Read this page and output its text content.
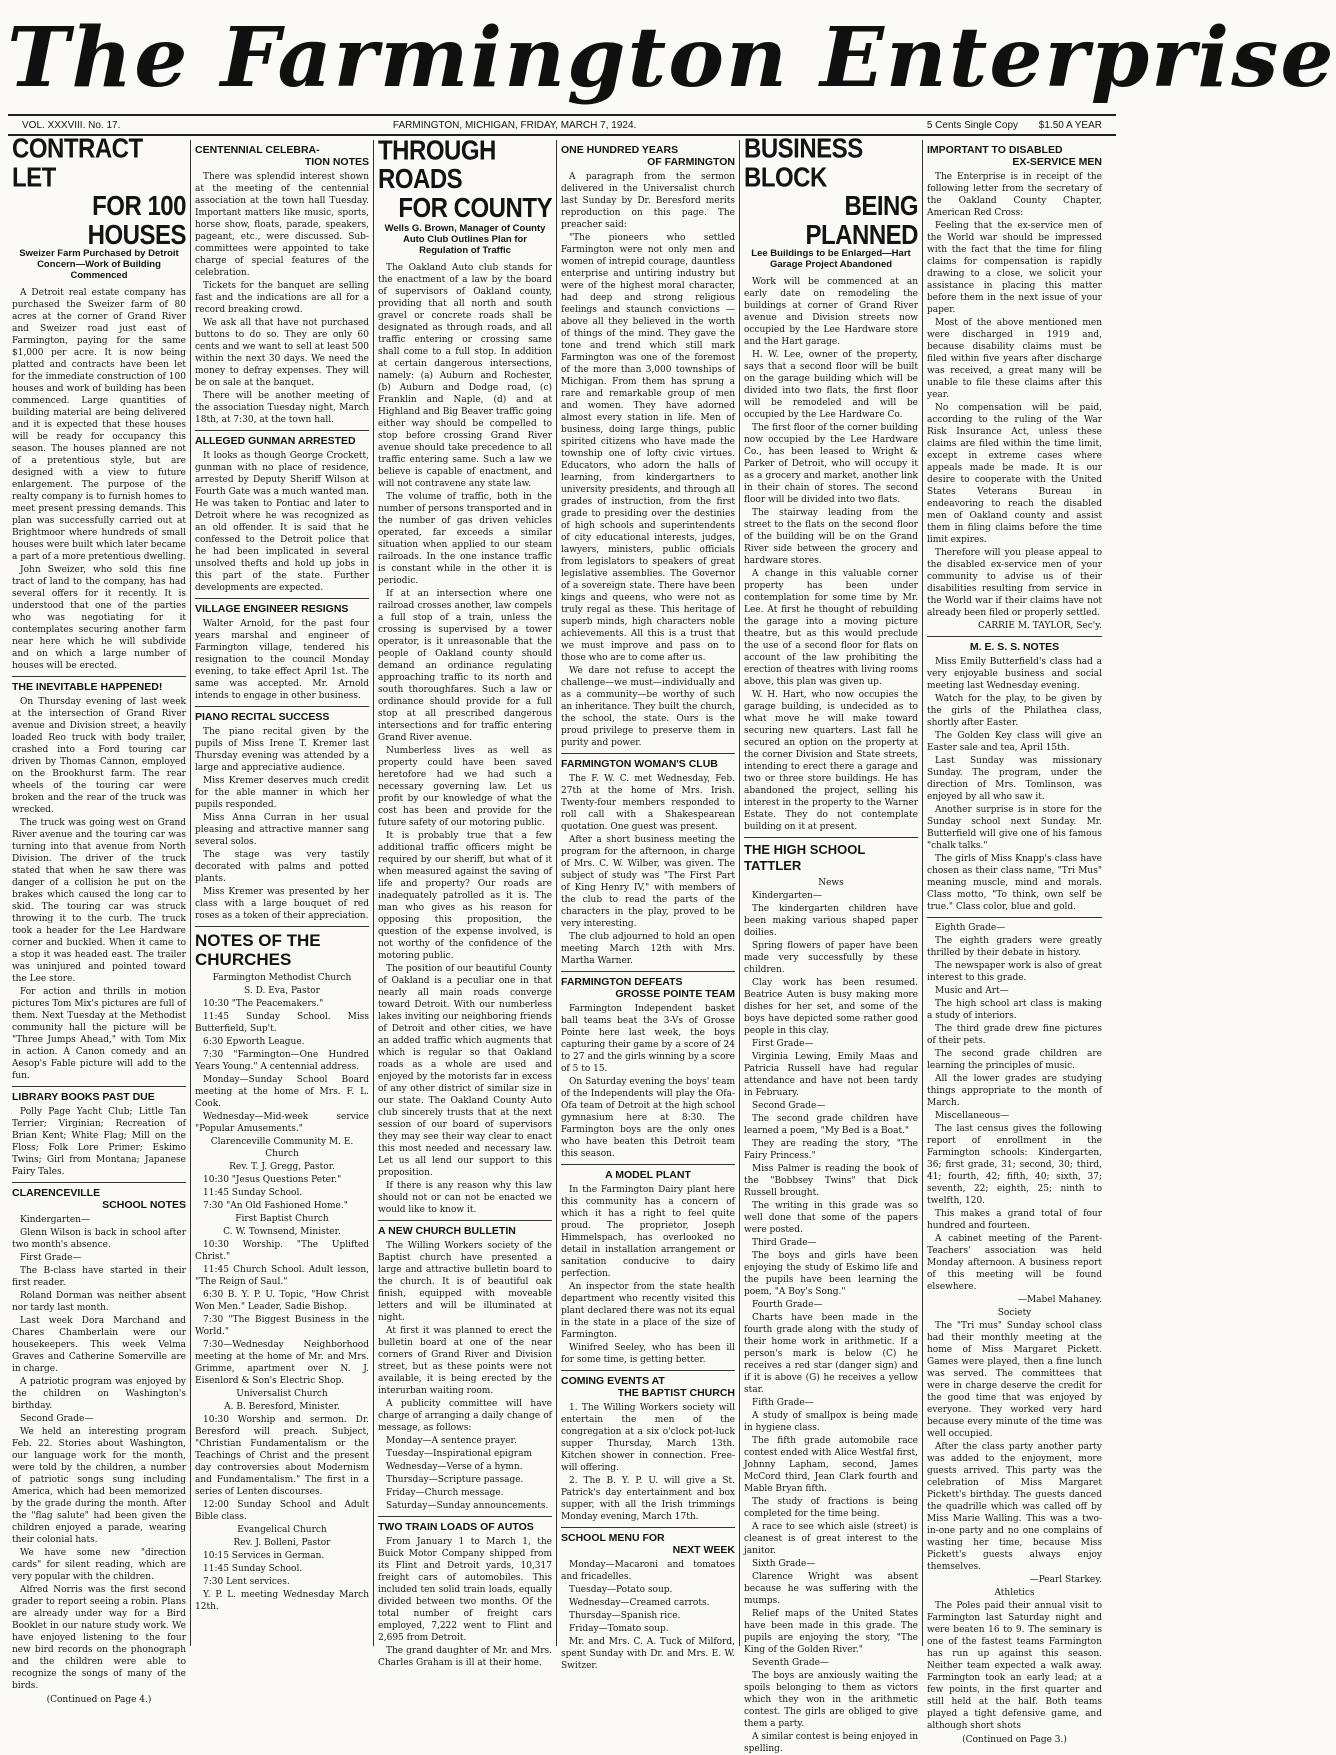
The Farmington Enterprise
VOL. XXXVIII. No. 17.	FARMINGTON, MICHIGAN, FRIDAY, MARCH 7, 1924.	5 Cents Single Copy $1.50 A YEAR
CONTRACT LET
FOR 100 HOUSES
Sweizer Farm Purchased by Detroit Concern—Work of Building Commenced

A Detroit real estate company has purchased the Sweizer farm of 80 acres at the corner of Grand River and Sweizer road just east of Farmington, paying for the same $1,000 per acre. It is now being platted and contracts have been let for the immediate construction of 100 houses and work of building has been commenced. Large quantities of building material are being delivered and it is expected that these houses will be ready for occupancy this season. The houses planned are not of a pretentious style, but are designed with a view to future enlargement. The purpose of the realty company is to furnish homes to meet present pressing demands. This plan was successfully carried out at Brightmoor where hundreds of small houses were built which later became a part of a more pretentious dwelling.

John Sweizer, who sold this fine tract of land to the company, has had several offers for it recently. It is understood that one of the parties who was negotiating for it contemplates securing another farm near here which he will subdivide and on which a large number of houses will be erected.

THE INEVITABLE HAPPENED!

On Thursday evening of last week at the intersection of Grand River avenue and Division street, a heavily loaded Reo truck with body trailer, crashed into a Ford touring car driven by Thomas Cannon, employed on the Brookhurst farm. The rear wheels of the touring car were broken and the rear of the truck was wrecked.

The truck was going west on Grand River avenue and the touring car was turning into that avenue from North Division. The driver of the truck stated that when he saw there was danger of a collision he put on the brakes which caused the long car to skid. The touring car was struck throwing it to the curb. The truck took a header for the Lee Hardware corner and buckled. When it came to a stop it was headed east. The trailer was uninjured and pointed toward the Lee store.

For action and thrills in motion pictures Tom Mix's pictures are full of them. Next Tuesday at the Methodist community hall the picture will be "Three Jumps Ahead," with Tom Mix in action. A Canon comedy and an Aesop's Fable picture will add to the fun.

LIBRARY BOOKS PAST DUE

Polly Page Yacht Club; Little Tan Terrier; Virginian; Recreation of Brian Kent; White Flag; Mill on the Floss; Folk Lore Primer; Eskimo Twins; Girl from Montana; Japanese Fairy Tales.

CLARENCEVILLE
SCHOOL NOTES

Kindergarten—

Glenn Wilson is back in school after two month's absence.

First Grade—

The B-class have started in their first reader.

Roland Dorman was neither absent nor tardy last month.

Last week Dora Marchand and Chares Chamberlain were our housekeepers. This week Velma Graves and Catherine Somerville are in charge.

A patriotic program was enjoyed by the children on Washington's birthday.

Second Grade—

We held an interesting program Feb. 22. Stories about Washington, our language work for the month, were told by the children, a number of patriotic songs sung including America, which had been memorized by the grade during the month. After the "flag salute" had been given the children enjoyed a parade, wearing their colonial hats.

We have some new "direction cards" for silent reading, which are very popular with the children.

Alfred Norris was the first second grader to report seeing a robin. Plans are already under way for a Bird Booklet in our nature study work. We have enjoyed listening to the four new bird records on the phonograph and the children were able to recognize the songs of many of the birds.

(Continued on Page 4.)
CENTENNIAL CELEBRA-
TION NOTES

There was splendid interest shown at the meeting of the centennial association at the town hall Tuesday. Important matters like music, sports, horse show, floats, parade, speakers, pageant, etc., were discussed. Sub-committees were appointed to take charge of special features of the celebration.

Tickets for the banquet are selling fast and the indications are all for a record breaking crowd.

We ask all that have not purchased buttons to do so. They are only 60 cents and we want to sell at least 500 within the next 30 days. We need the money to defray expenses. They will be on sale at the banquet.

There will be another meeting of the association Tuesday night, March 18th, at 7:30, at the town hall.

ALLEGED GUNMAN ARRESTED

It looks as though George Crockett, gunman with no place of residence, arrested by Deputy Sheriff Wilson at Fourth Gate was a much wanted man. He was taken to Pontiac and later to Detroit where he was recognized as an old offender. It is said that he confessed to the Detroit police that he had been implicated in several unsolved thefts and hold up jobs in this part of the state. Further developments are expected.

VILLAGE ENGINEER RESIGNS

Walter Arnold, for the past four years marshal and engineer of Farmington village, tendered his resignation to the council Monday evening, to take effect April 1st. The same was accepted. Mr. Arnold intends to engage in other business.

PIANO RECITAL SUCCESS

The piano recital given by the pupils of Miss Irene T. Kremer last Thursday evening was attended by a large and appreciative audience.

Miss Kremer deserves much credit for the able manner in which her pupils responded.

Miss Anna Curran in her usual pleasing and attractive manner sang several solos.

The stage was very tastily decorated with palms and potted plants.

Miss Kremer was presented by her class with a large bouquet of red roses as a token of their appreciation.

NOTES OF THE CHURCHES

Farmington Methodist Church

S. D. Eva, Pastor

10:30 "The Peacemakers."

11:45 Sunday School. Miss Butterfield, Sup't.

6:30 Epworth League.

7:30 "Farmington—One Hundred Years Young." A centennial address.

Monday—Sunday School Board meeting at the home of Mrs. F. L. Cook.

Wednesday—Mid-week service "Popular Amusements."

Clarenceville Community M. E. Church

Rev. T. J. Gregg, Pastor.

10:30 "Jesus Questions Peter."

11:45 Sunday School.

7:30 "An Old Fashioned Home."

First Baptist Church

C. W. Townsend, Minister.

10:30 Worship. "The Uplifted Christ."

11:45 Church School. Adult lesson, "The Reign of Saul."

6:30 B. Y. P. U. Topic, "How Christ Won Men." Leader, Sadie Bishop.

7:30 "The Biggest Business in the World."

7:30—Wednesday Neighborhood meeting at the home of Mr. and Mrs. Grimme, apartment over N. J. Eisenlord & Son's Electric Shop.

Universalist Church

A. B. Beresford, Minister.

10:30 Worship and sermon. Dr. Beresford will preach. Subject, "Christian Fundamentalism or the Teachings of Christ and the present day controversies about Modernism and Fundamentalism." The first in a series of Lenten discourses.

12:00 Sunday School and Adult Bible class.

Evangelical Church

Rev. J. Bolleni, Pastor

10:15 Services in German.

11:45 Sunday School.

7:30 Lent services.

Y. P. L. meeting Wednesday March 12th.

THROUGH ROADS
FOR COUNTY
Wells G. Brown, Manager of County Auto Club Outlines Plan for Regulation of Traffic

The Oakland Auto club stands for the enactment of a law by the board of supervisors of Oakland county, providing that all north and south gravel or concrete roads shall be designated as through roads, and all traffic entering or crossing same shall come to a full stop. In addition at certain dangerous intersections, namely: (a) Auburn and Rochester, (b) Auburn and Dodge road, (c) Franklin and Naple, (d) and at Highland and Big Beaver traffic going either way should be compelled to stop before crossing Grand River avenue should take precedence to all traffic entering same. Such a law we believe is capable of enactment, and will not contravene any state law.

The volume of traffic, both in the number of persons transported and in the number of gas driven vehicles operated, far exceeds a similar situation when applied to our steam railroads. In the one instance traffic is constant while in the other it is periodic.

If at an intersection where one railroad crosses another, law compels a full stop of a train, unless the crossing is supervised by a tower operator, is it unreasonable that the people of Oakland county should demand an ordinance regulating approaching traffic to its north and south thoroughfares. Such a law or ordinance should provide for a full stop at all prescribed dangerous intersections and for traffic entering Grand River avenue.

Numberless lives as well as property could have been saved heretofore had we had such a necessary governing law. Let us profit by our knowledge of what the cost has been and provide for the future safety of our motoring public.

It is probably true that a few additional traffic officers might be required by our sheriff, but what of it when measured against the saving of life and property? Our roads are inadequately patrolled as it is. The man who gives as his reason for opposing this proposition, the question of the expense involved, is not worthy of the confidence of the motoring public.

The position of our beautiful County of Oakland is a peculiar one in that nearly all main roads converge toward Detroit. With our numberless lakes inviting our neighboring friends of Detroit and other cities, we have an added traffic which augments that which is regular so that Oakland roads as a whole are used and enjoyed by the motorists far in excess of any other district of similar size in our state. The Oakland County Auto club sincerely trusts that at the next session of our board of supervisors they may see their way clear to enact this most needed and necessary law. Let us all lend our support to this proposition.

If there is any reason why this law should not or can not be enacted we would like to know it.

A NEW CHURCH BULLETIN

The Willing Workers society of the Baptist church have presented a large and attractive bulletin board to the church. It is of beautiful oak finish, equipped with moveable letters and will be illuminated at night.

At first it was planned to erect the bulletin board at one of the near corners of Grand River and Division street, but as these points were not available, it is being erected by the interurban waiting room.

A publicity committee will have charge of arranging a daily change of message, as follows:

Monday—A sentence prayer.

Tuesday—Inspirational epigram

Wednesday—Verse of a hymn.

Thursday—Scripture passage.

Friday—Church message.

Saturday—Sunday announcements.

TWO TRAIN LOADS OF AUTOS

From January 1 to March 1, the Buick Motor Company shipped from its Flint and Detroit yards, 10,317 freight cars of automobiles. This included ten solid train loads, equally divided between two months. Of the total number of freight cars employed, 7,222 went to Flint and 2,695 from Detroit.

The grand daughter of Mr. and Mrs. Charles Graham is ill at their home.

ONE HUNDRED YEARS
OF FARMINGTON

A paragraph from the sermon delivered in the Universalist church last Sunday by Dr. Beresford merits reproduction on this page. The preacher said:

"The pioneers who settled Farmington were not only men and women of intrepid courage, dauntless enterprise and untiring industry but were of the highest moral character, had deep and strong religious feelings and staunch convictions — above all they believed in the worth of things of the mind. They gave the tone and trend which still mark Farmington was one of the foremost of the more than 3,000 townships of Michigan. From them has sprung a rare and remarkable group of men and women. They have adorned almost every station in life. Men of business, doing large things, public spirited citizens who have made the township one of lofty civic virtues. Educators, who adorn the halls of learning, from kindergartners to university presidents, and through all grades of instruction, from the first grade to presiding over the destinies of high schools and superintendents of city educational interests, judges, lawyers, ministers, public officials from legislators to speakers of great legislative assemblies. The Governor of a sovereign state. There have been kings and queens, who were not as truly regal as these. This heritage of superb minds, high characters noble achievements. All this is a trust that we must improve and pass on to those who are to come after us.

We dare not refuse to accept the challenge—we must—individually and as a community—be worthy of such an inheritance. They built the church, the school, the state. Ours is the proud privilege to preserve them in purity and power.

FARMINGTON WOMAN'S CLUB

The F. W. C. met Wednesday, Feb. 27th at the home of Mrs. Irish. Twenty-four members responded to roll call with a Shakespearean quotation. One guest was present.

After a short business meeting the program for the afternoon, in charge of Mrs. C. W. Wilber, was given. The subject of study was "The First Part of King Henry IV," with members of the club to read the parts of the characters in the play, proved to be very interesting.

The club adjourned to hold an open meeting March 12th with Mrs. Martha Warner.

FARMINGTON DEFEATS
GROSSE POINTE TEAM

Farmington Independent basket ball teams beat the 3-Vs of Grosse Pointe here last week, the boys capturing their game by a score of 24 to 27 and the girls winning by a score of 5 to 15.

On Saturday evening the boys' team of the Independents will play the Ofa-Ofa team of Detroit at the high school gymnasium here at 8:30. The Farmington boys are the only ones who have beaten this Detroit team this season.

A MODEL PLANT

In the Farmington Dairy plant here this community has a concern of which it has a right to feel quite proud. The proprietor, Joseph Himmelspach, has overlooked no detail in installation arrangement or sanitation conducive to dairy perfection.

An inspector from the state health department who recently visited this plant declared there was not its equal in the state in a place of the size of Farmington.

Winifred Seeley, who has been ill for some time, is getting better.

COMING EVENTS AT
THE BAPTIST CHURCH

1. The Willing Workers society will entertain the men of the congregation at a six o'clock pot-luck supper Thursday, March 13th. Kitchen shower in connection. Free-will offering.

2. The B. Y. P. U. will give a St. Patrick's day entertainment and box supper, with all the Irish trimmings Monday evening, March 17th.

SCHOOL MENU FOR
NEXT WEEK

Monday—Macaroni and tomatoes and fricadelles.

Tuesday—Potato soup.

Wednesday—Creamed carrots.

Thursday—Spanish rice.

Friday—Tomato soup.

Mr. and Mrs. C. A. Tuck of Milford, spent Sunday with Dr. and Mrs. E. W. Switzer.

BUSINESS BLOCK
BEING PLANNED
Lee Buildings to be Enlarged—Hart Garage Project Abandoned

Work will be commenced at an early date on remodeling the buildings at corner of Grand River avenue and Division streets now occupied by the Lee Hardware store and the Hart garage.

H. W. Lee, owner of the property, says that a second floor will be built on the garage building which will be divided into two flats, the first floor will be remodeled and will be occupied by the Lee Hardware Co.

The first floor of the corner building now occupied by the Lee Hardware Co., has been leased to Wright & Parker of Detroit, who will occupy it as a grocery and market, another link in their chain of stores. The second floor will be divided into two flats.

The stairway leading from the street to the flats on the second floor of the building will be on the Grand River side between the grocery and hardware stores.

A change in this valuable corner property has been under contemplation for some time by Mr. Lee. At first he thought of rebuilding the garage into a moving picture theatre, but as this would preclude the use of a second floor for flats on account of the law prohibiting the erection of theatres with living rooms above, this plan was given up.

W. H. Hart, who now occupies the garage building, is undecided as to what move he will make toward securing new quarters. Last fall he secured an option on the property at the corner Division and State streets, intending to erect there a garage and two or three store buildings. He has abandoned the project, selling his interest in the property to the Warner Estate. They do not contemplate building on it at present.

THE HIGH SCHOOL TATTLER

News

Kindergarten—

The kindergarten children have been making various shaped paper doilies.

Spring flowers of paper have been made very successfully by these children.

Clay work has been resumed. Beatrice Auten is busy making more dishes for her set, and some of the boys have depicted some rather good people in this clay.

First Grade—

Virginia Lewing, Emily Maas and Patricia Russell have had regular attendance and have not been tardy in February.

Second Grade—

The second grade children have learned a poem, "My Bed is a Boat."

They are reading the story, "The Fairy Princess."

Miss Palmer is reading the book of the "Bobbsey Twins" that Dick Russell brought.

The writing in this grade was so well done that some of the papers were posted.

Third Grade—

The boys and girls have been enjoying the study of Eskimo life and the pupils have been learning the poem, "A Boy's Song."

Fourth Grade—

Charts have been made in the fourth grade along with the study of their home work in arithmetic. If a person's mark is below (C) he receives a red star (danger sign) and if it is above (G) he receives a yellow star.

Fifth Grade—

A study of smallpox is being made in hygiene class.

The fifth grade automobile race contest ended with Alice Westfal first, Johnny Lapham, second, James McCord third, Jean Clark fourth and Mable Bryan fifth.

The study of fractions is being completed for the time being.

A race to see which aisle (street) is cleanest is of great interest to the janitor.

Sixth Grade—

Clarence Wright was absent because he was suffering with the mumps.

Relief maps of the United States have been made in this grade. The pupils are enjoying the story, "The King of the Golden River."

Seventh Grade—

The boys are anxiously waiting the spoils belonging to them as victors which they won in the arithmetic contest. The girls are obliged to give them a party.

A similar contest is being enjoyed in spelling.

IMPORTANT TO DISABLED
EX-SERVICE MEN

The Enterprise is in receipt of the following letter from the secretary of the Oakland County Chapter, American Red Cross:

Feeling that the ex-service men of the World war should be impressed with the fact that the time for filing claims for compensation is rapidly drawing to a close, we solicit your assistance in placing this matter before them in the next issue of your paper.

Most of the above mentioned men were discharged in 1919 and, because disability claims must be filed within five years after discharge was received, a great many will be unable to file these claims after this year.

No compensation will be paid, according to the ruling of the War Risk Insurance Act, unless these claims are filed within the time limit, except in extreme cases where appeals made be made. It is our desire to cooperate with the United States Veterans Bureau in endeavoring to reach the disabled men of Oakland county and assist them in filing claims before the time limit expires.

Therefore will you please appeal to the disabled ex-service men of your community to advise us of their disabilities resulting from service in the World war if their claims have not already been filed or properly settled.

CARRIE M. TAYLOR, Sec'y.

M. E. S. S. NOTES

Miss Emily Butterfield's class had a very enjoyable business and social meeting last Wednesday evening.

Watch for the play, to be given by the girls of the Philathea class, shortly after Easter.

The Golden Key class will give an Easter sale and tea, April 15th.

Last Sunday was missionary Sunday. The program, under the direction of Mrs. Tomlinson, was enjoyed by all who saw it.

Another surprise is in store for the Sunday school next Sunday. Mr. Butterfield will give one of his famous "chalk talks."

The girls of Miss Knapp's class have chosen as their class name, "Tri Mus" meaning muscle, mind and morals. Class motto, "To think, own self be true." Class color, blue and gold.

Eighth Grade—

The eighth graders were greatly thrilled by their debate in history.

The newspaper work is also of great interest to this grade.

Music and Art—

The high school art class is making a study of interiors.

The third grade drew fine pictures of their pets.

The second grade children are learning the principles of music.

All the lower grades are studying things appropriate to the month of March.

Miscellaneous—

The last census gives the following report of enrollment in the Farmington schools: Kindergarten, 36; first grade, 31; second, 30; third, 41; fourth, 42; fifth, 40; sixth, 37; seventh, 22; eighth, 25; ninth to twelfth, 120.

This makes a grand total of four hundred and fourteen.

A cabinet meeting of the Parent-Teachers' association was held Monday afternoon. A business report of this meeting will be found elsewhere.

—Mabel Mahaney.

Society

The "Tri mus" Sunday school class had their monthly meeting at the home of Miss Margaret Pickett. Games were played, then a fine lunch was served. The committees that were in charge deserve the credit for the good time that was enjoyed by everyone. They worked very hard because every minute of the time was well occupied.

After the class party another party was added to the enjoyment, more guests arrived. This party was the celebration of Miss Margaret Pickett's birthday. The guests danced the quadrille which was called off by Miss Marie Walling. This was a two-in-one party and no one complains of wasting her time, because Miss Pickett's guests always enjoy themselves.

—Pearl Starkey.

Athletics

The Poles paid their annual visit to Farmington last Saturday night and were beaten 16 to 9. The seminary is one of the fastest teams Farmington has run up against this season. Neither team expected a walk away. Farmington took an early lead; at a few points, in the first quarter and still held at the half. Both teams played a tight defensive game, and although short shots

(Continued on Page 3.)
